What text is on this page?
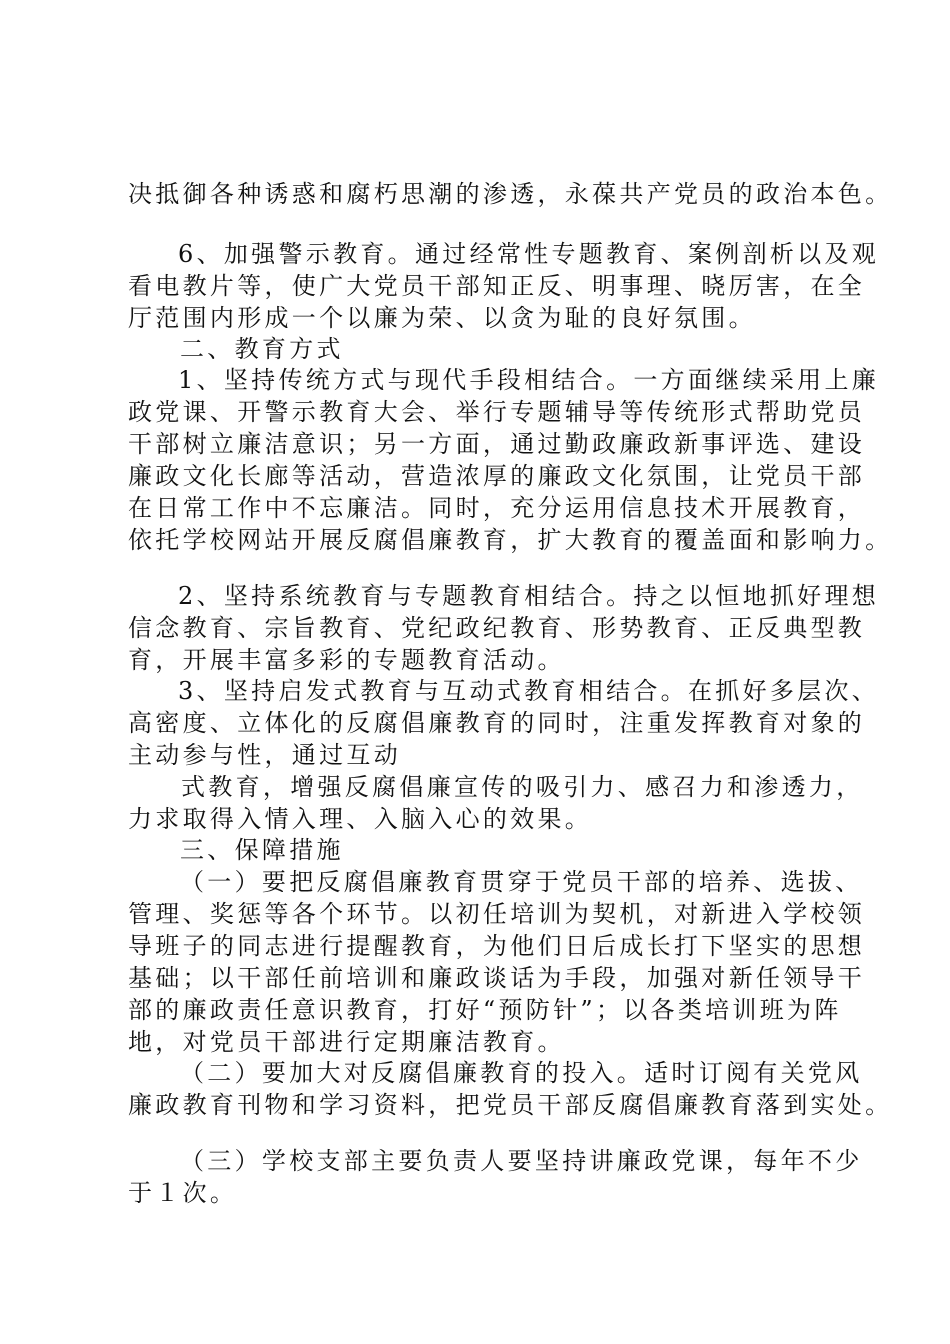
决抵御各种诱惑和腐朽思潮的渗透，永葆共产党员的政治本色。

6、加强警示教育。通过经常性专题教育、案例剖析以及观

看电教片等，使广大党员干部知正反、明事理、晓厉害，在全

厅范围内形成一个以廉为荣、以贪为耻的良好氛围。

二、教育方式

1、坚持传统方式与现代手段相结合。一方面继续采用上廉

政党课、开警示教育大会、举行专题辅导等传统形式帮助党员

干部树立廉洁意识；另一方面，通过勤政廉政新事评选、建设

廉政文化长廊等活动，营造浓厚的廉政文化氛围，让党员干部

在日常工作中不忘廉洁。同时，充分运用信息技术开展教育，

依托学校网站开展反腐倡廉教育，扩大教育的覆盖面和影响力。

2、坚持系统教育与专题教育相结合。持之以恒地抓好理想

信念教育、宗旨教育、党纪政纪教育、形势教育、正反典型教

育，开展丰富多彩的专题教育活动。

3、坚持启发式教育与互动式教育相结合。在抓好多层次、

高密度、立体化的反腐倡廉教育的同时，注重发挥教育对象的

主动参与性，通过互动

式教育，增强反腐倡廉宣传的吸引力、感召力和渗透力，

力求取得入情入理、入脑入心的效果。

三、保障措施

（一）要把反腐倡廉教育贯穿于党员干部的培养、选拔、

管理、奖惩等各个环节。以初任培训为契机，对新进入学校领

导班子的同志进行提醒教育，为他们日后成长打下坚实的思想

基础；以干部任前培训和廉政谈话为手段，加强对新任领导干

部的廉政责任意识教育，打好“预防针”；以各类培训班为阵

地，对党员干部进行定期廉洁教育。

（二）要加大对反腐倡廉教育的投入。适时订阅有关党风

廉政教育刊物和学习资料，把党员干部反腐倡廉教育落到实处。

（三）学校支部主要负责人要坚持讲廉政党课，每年不少

于１次。
